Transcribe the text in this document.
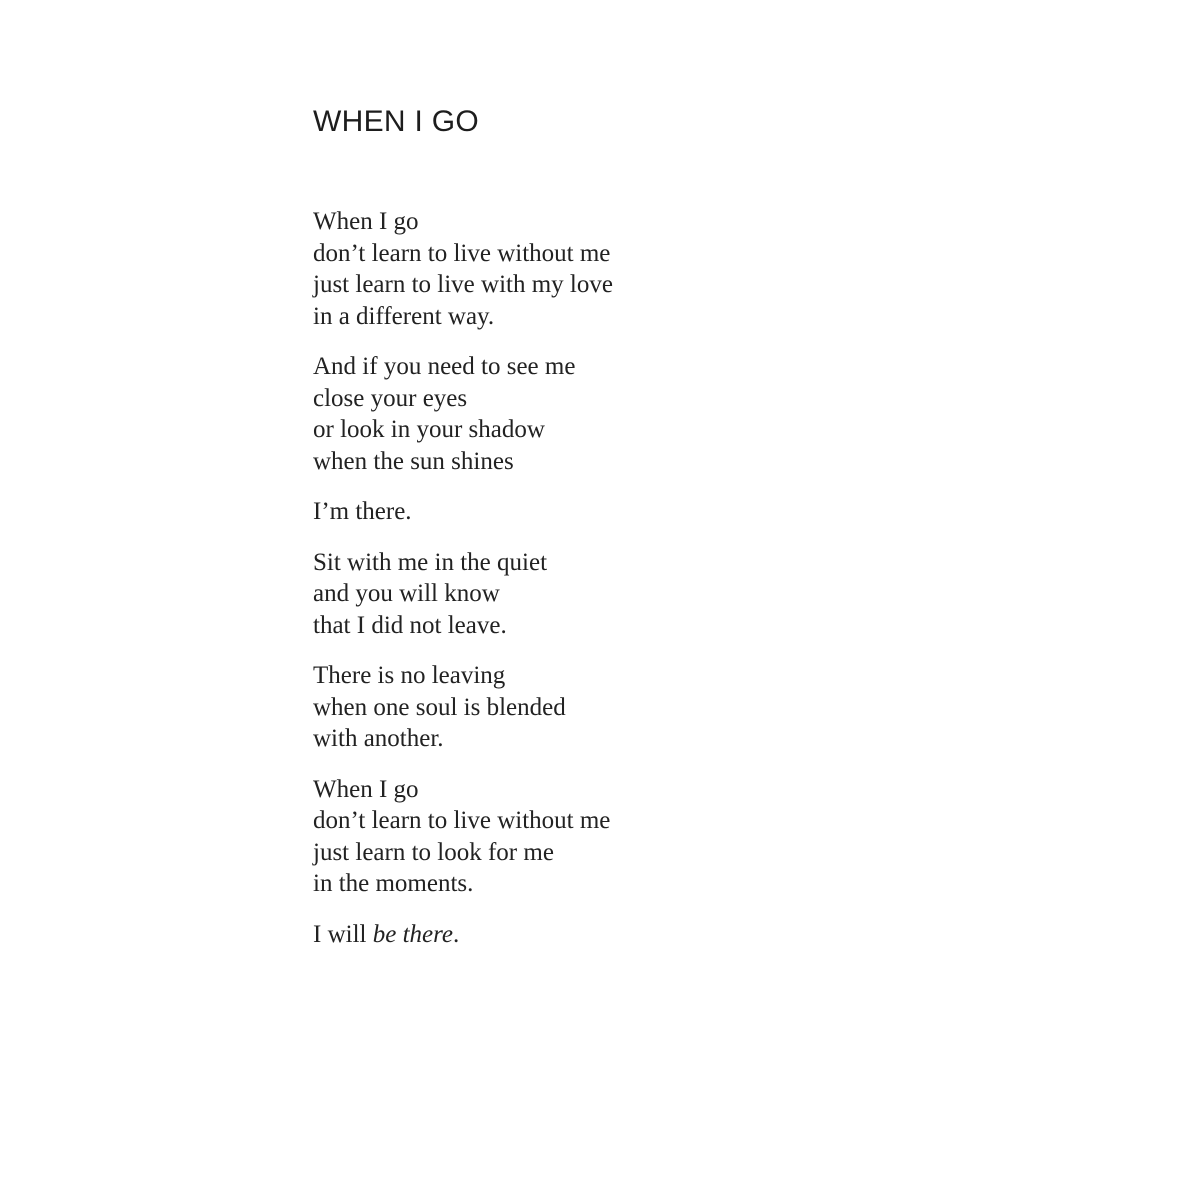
WHEN I GO
When I go
don’t learn to live without me
just learn to live with my love
in a different way.
And if you need to see me
close your eyes
or look in your shadow
when the sun shines
I’m there.
Sit with me in the quiet
and you will know
that I did not leave.
There is no leaving
when one soul is blended
with another.
When I go
don’t learn to live without me
just learn to look for me
in the moments.
I will be there.
